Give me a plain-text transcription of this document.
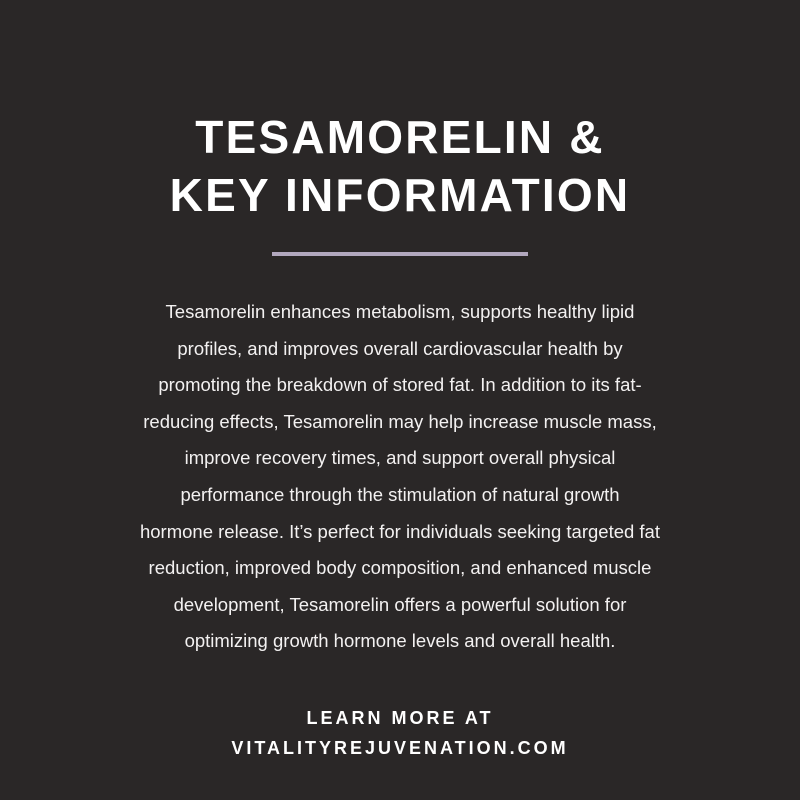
TESAMORELIN &
KEY INFORMATION

Tesamorelin enhances metabolism, supports healthy lipid
profiles, and improves overall cardiovascular health by
promoting the breakdown of stored fat. In addition to its fat-
reducing effects, Tesamorelin may help increase muscle mass,
improve recovery times, and support overall physical
performance through the stimulation of natural growth
hormone release. It’s perfect for individuals seeking targeted fat
reduction, improved body composition, and enhanced muscle
development, Tesamorelin offers a powerful solution for
optimizing growth hormone levels and overall health.

LEARN MORE AT
VITALITYREJUVENATION.COM
